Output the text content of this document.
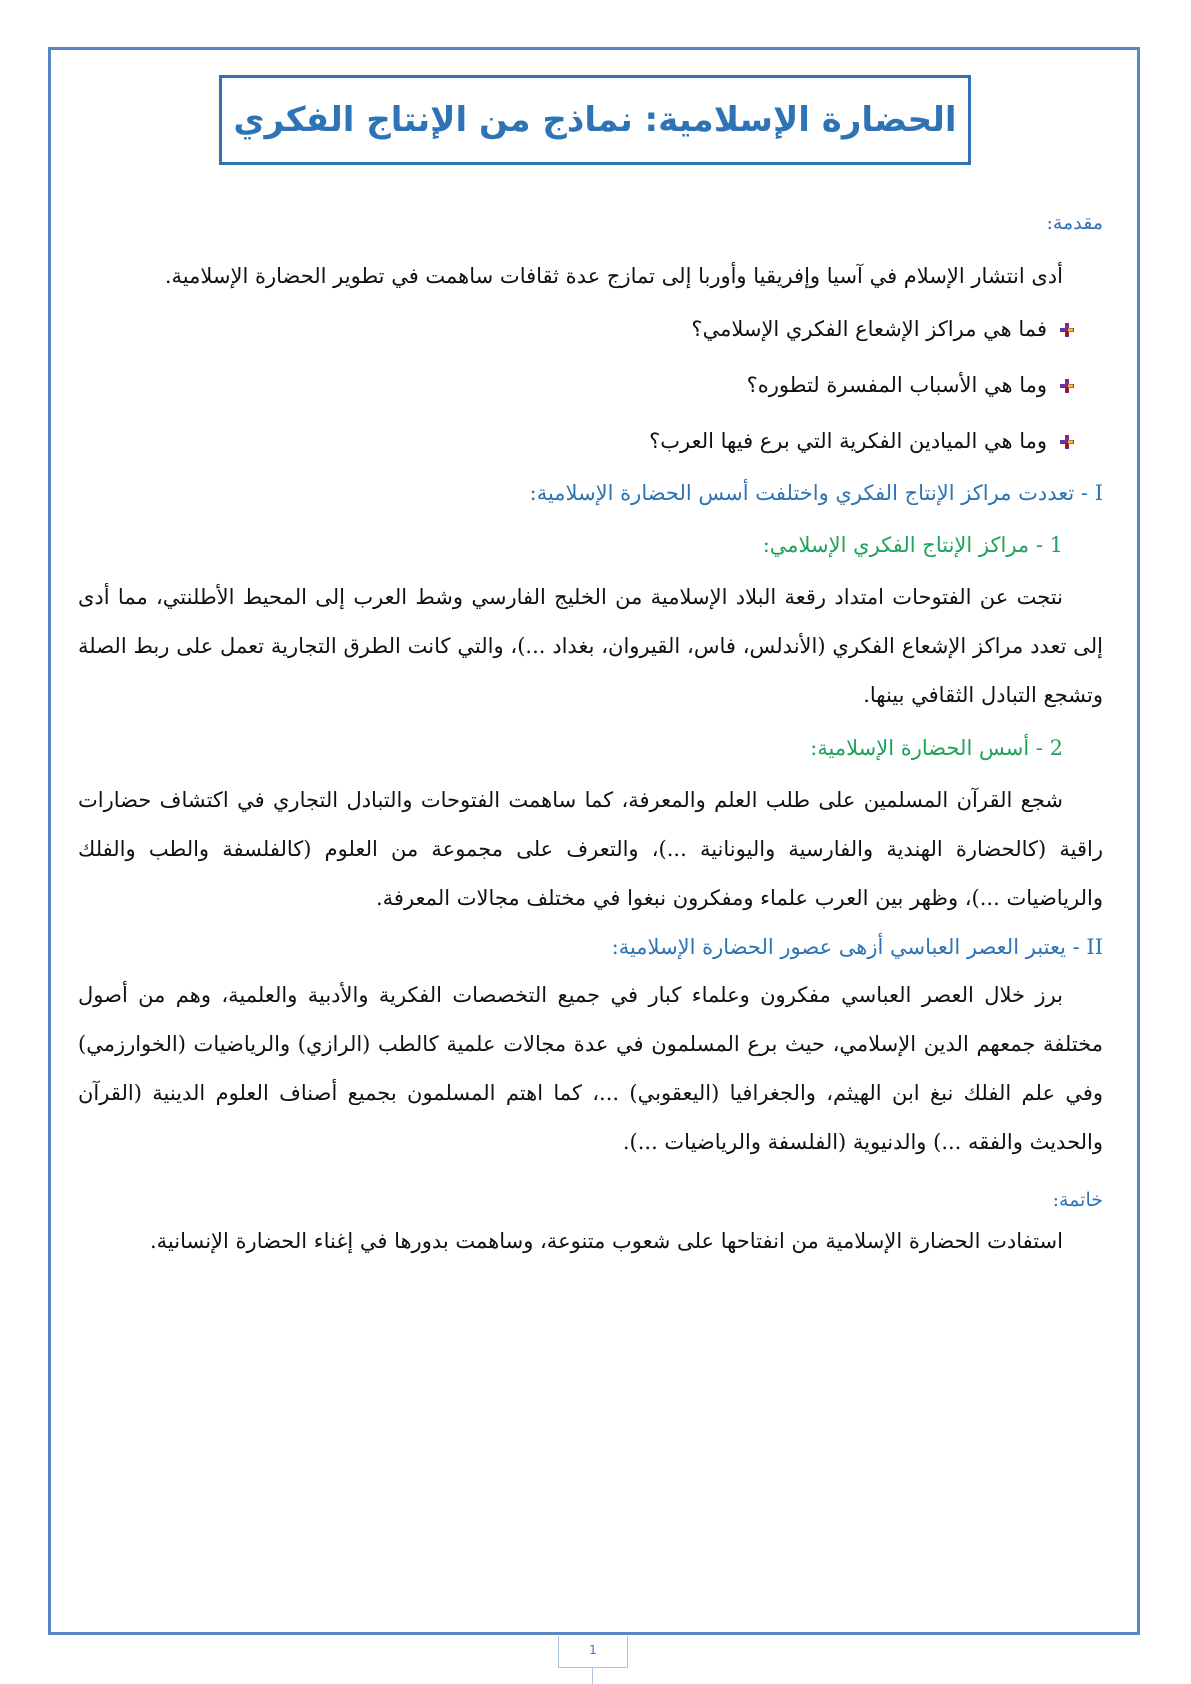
الحضارة الإسلامية: نماذج من الإنتاج الفكري
مقدمة:

أدى انتشار الإسلام في آسيا وإفريقيا وأوربا إلى تمازج عدة ثقافات ساهمت في تطوير الحضارة الإسلامية.

فما هي مراكز الإشعاع الفكري الإسلامي؟
وما هي الأسباب المفسرة لتطوره؟
وما هي الميادين الفكرية التي برع فيها العرب؟
I - تعددت مراكز الإنتاج الفكري واختلفت أسس الحضارة الإسلامية:
1 - مراكز الإنتاج الفكري الإسلامي:

نتجت عن الفتوحات امتداد رقعة البلاد الإسلامية من الخليج الفارسي وشط العرب إلى المحيط الأطلنتي، مما أدى إلى تعدد مراكز الإشعاع الفكري (الأندلس، فاس، القيروان، بغداد ...)، والتي كانت الطرق التجارية تعمل على ربط الصلة وتشجع التبادل الثقافي بينها.

2 - أسس الحضارة الإسلامية:

شجع القرآن المسلمين على طلب العلم والمعرفة، كما ساهمت الفتوحات والتبادل التجاري في اكتشاف حضارات راقية (كالحضارة الهندية والفارسية واليونانية ...)، والتعرف على مجموعة من العلوم (كالفلسفة والطب والفلك والرياضيات ...)، وظهر بين العرب علماء ومفكرون نبغوا في مختلف مجالات المعرفة.

II - يعتبر العصر العباسي أزهى عصور الحضارة الإسلامية:

برز خلال العصر العباسي مفكرون وعلماء كبار في جميع التخصصات الفكرية والأدبية والعلمية، وهم من أصول مختلفة جمعهم الدين الإسلامي، حيث برع المسلمون في عدة مجالات علمية كالطب (الرازي) والرياضيات (الخوارزمي) وفي علم الفلك نبغ ابن الهيثم، والجغرافيا (اليعقوبي) ...، كما اهتم المسلمون بجميع أصناف العلوم الدينية (القرآن والحديث والفقه ...) والدنيوية (الفلسفة والرياضيات ...).

خاتمة:

استفادت الحضارة الإسلامية من انفتاحها على شعوب متنوعة، وساهمت بدورها في إغناء الحضارة الإنسانية.

1
